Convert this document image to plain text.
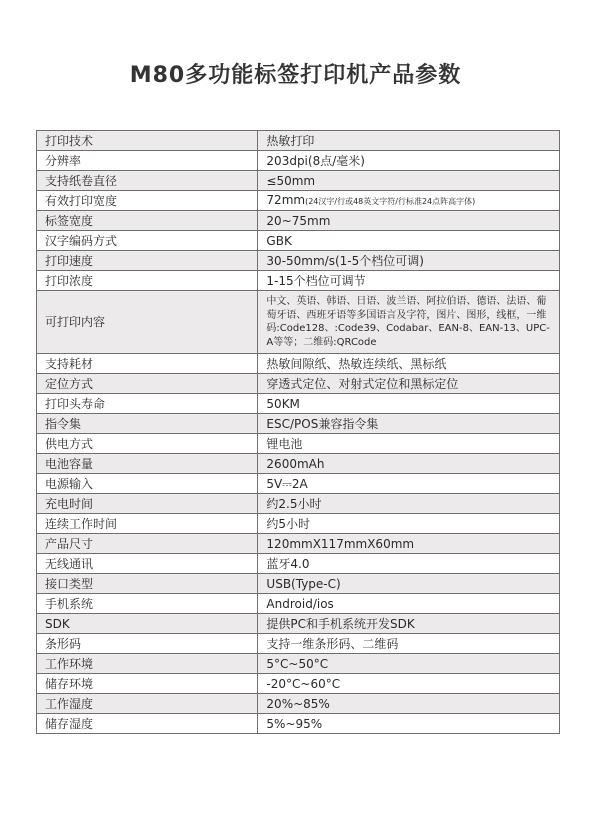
M80多功能标签打印机产品参数
打印技术	热敏打印
分辨率	203dpi(8点/毫米)
支持纸卷直径	≤50mm
有效打印宽度	72mm(24汉字/行或48英文字符/行标准24点阵高字体)
标签宽度	20~75mm
汉字编码方式	GBK
打印速度	30-50mm/s(1-5个档位可调)
打印浓度	1-15个档位可调节
可打印内容	中文、英语、韩语、日语、波兰语、阿拉伯语、德语、法语、葡萄牙语、西班牙语等多国语言及字符，图片、图形，线框，一维码:Code128、:Code39、Codabar、EAN-8、EAN-13、UPC-A等等；二维码:QRCode
支持耗材	热敏间隙纸、热敏连续纸、黑标纸
定位方式	穿透式定位、对射式定位和黑标定位
打印头寿命	50KM
指令集	ESC/POS兼容指令集
供电方式	锂电池
电池容量	2600mAh
电源输入	5V⎓2A
充电时间	约2.5小时
连续工作时间	约5小时
产品尺寸	120mmX117mmX60mm
无线通讯	蓝牙4.0
接口类型	USB(Type-C)
手机系统	Android/ios
SDK	提供PC和手机系统开发SDK
条形码	支持一维条形码、二维码
工作环境	5°C~50°C
储存环境	-20°C~60°C
工作湿度	20%~85%
储存湿度	5%~95%
